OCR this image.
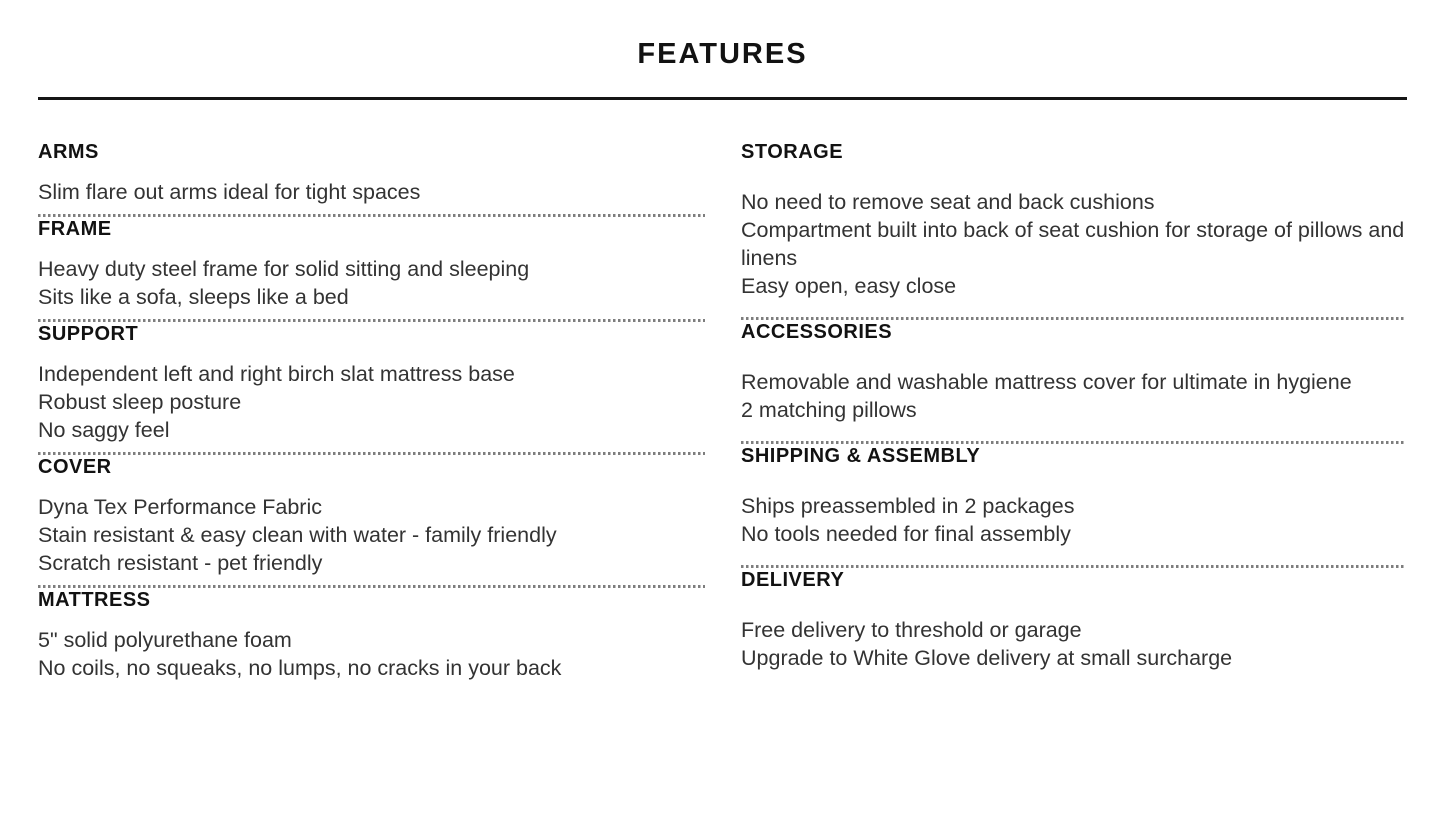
FEATURES
ARMS
Slim flare out arms ideal for tight spaces
FRAME
Heavy duty steel frame for solid sitting and sleeping
Sits like a sofa, sleeps like a bed
SUPPORT
Independent left and right birch slat mattress base
Robust sleep posture
No saggy feel
COVER
Dyna Tex Performance Fabric
Stain resistant & easy clean with water - family friendly
Scratch resistant - pet friendly
MATTRESS
5" solid polyurethane foam
No coils, no squeaks, no lumps, no cracks in your back
STORAGE
No need to remove seat and back cushions
Compartment built into back of seat cushion for storage of pillows and linens
Easy open, easy close
ACCESSORIES
Removable and washable mattress cover for ultimate in hygiene
2 matching pillows
SHIPPING & ASSEMBLY
Ships preassembled in 2 packages
No tools needed for final assembly
DELIVERY
Free delivery to threshold or garage
Upgrade to White Glove delivery at small surcharge
